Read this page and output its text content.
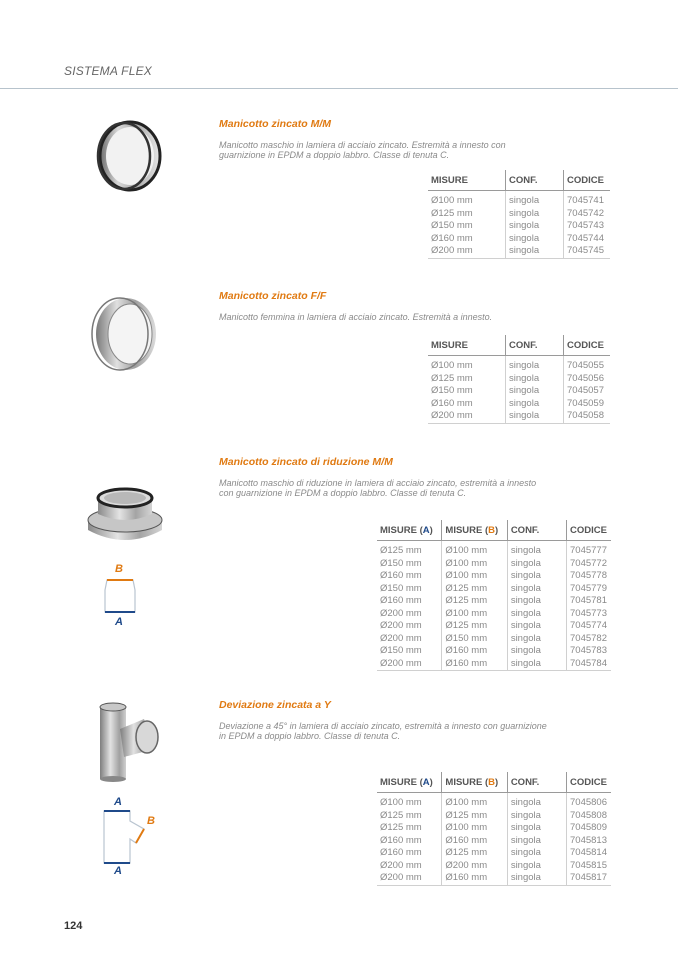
SISTEMA FLEX
Manicotto zincato M/M
Manicotto maschio in lamiera di acciaio zincato. Estremità a innesto con
guarnizione in EPDM a doppio labbro. Classe di tenuta C.
MISURE	CONF.	CODICE
Ø100 mm	singola	7045741
Ø125 mm	singola	7045742
Ø150 mm	singola	7045743
Ø160 mm	singola	7045744
Ø200 mm	singola	7045745
Manicotto zincato F/F
Manicotto femmina in lamiera di acciaio zincato. Estremità a innesto.
MISURE	CONF.	CODICE
Ø100 mm	singola	7045055
Ø125 mm	singola	7045056
Ø150 mm	singola	7045057
Ø160 mm	singola	7045059
Ø200 mm	singola	7045058
B
A
Manicotto zincato di riduzione M/M
Manicotto maschio di riduzione in lamiera di acciaio zincato, estremità a innesto
con guarnizione in EPDM a doppio labbro. Classe di tenuta C.
MISURE (A)	MISURE (B)	CONF.	CODICE
Ø125 mm	Ø100 mm	singola	7045777
Ø150 mm	Ø100 mm	singola	7045772
Ø160 mm	Ø100 mm	singola	7045778
Ø150 mm	Ø125 mm	singola	7045779
Ø160 mm	Ø125 mm	singola	7045781
Ø200 mm	Ø100 mm	singola	7045773
Ø200 mm	Ø125 mm	singola	7045774
Ø200 mm	Ø150 mm	singola	7045782
Ø150 mm	Ø160 mm	singola	7045783
Ø200 mm	Ø160 mm	singola	7045784
A
B
A
Deviazione zincata a Y
Deviazione a 45° in lamiera di acciaio zincato, estremità a innesto con guarnizione
in EPDM a doppio labbro. Classe di tenuta C.
MISURE (A)	MISURE (B)	CONF.	CODICE
Ø100 mm	Ø100 mm	singola	7045806
Ø125 mm	Ø125 mm	singola	7045808
Ø125 mm	Ø100 mm	singola	7045809
Ø160 mm	Ø160 mm	singola	7045813
Ø160 mm	Ø125 mm	singola	7045814
Ø200 mm	Ø200 mm	singola	7045815
Ø200 mm	Ø160 mm	singola	7045817
124
